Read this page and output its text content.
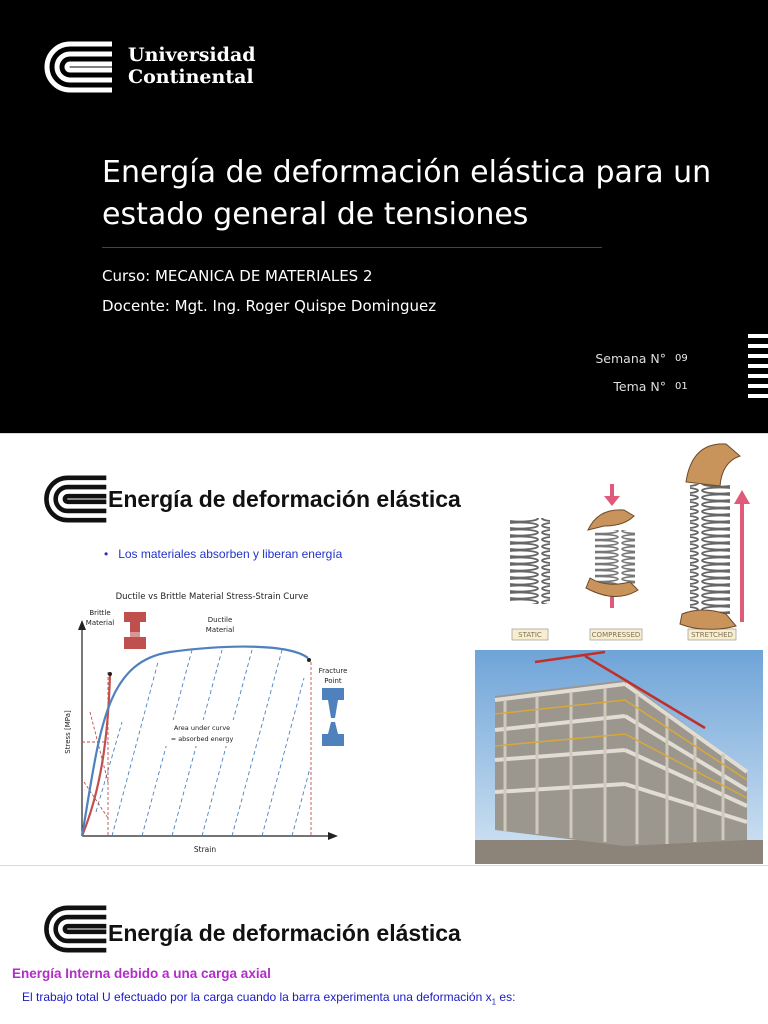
Universidad
Continental
Energía de deformación elástica para un
estado general de tensiones
Curso: MECANICA DE MATERIALES 2
Docente: Mgt. Ing. Roger Quispe Dominguez
Semana N° 09
Tema N° 01
Energía de deformación elástica
•   Los materiales absorben y liberan energía
Ductile vs Brittle Material Stress-Strain Curve
Strain
Stress [MPa]
Brittle
Material	Ductile
Material
Fracture
Point
Area under curve
= absorbed energy
Energía de deformación elástica
Energía Interna debido a una carga axial
El trabajo total U efectuado por la carga cuando la barra experimenta una deformación $x_1$ es:
